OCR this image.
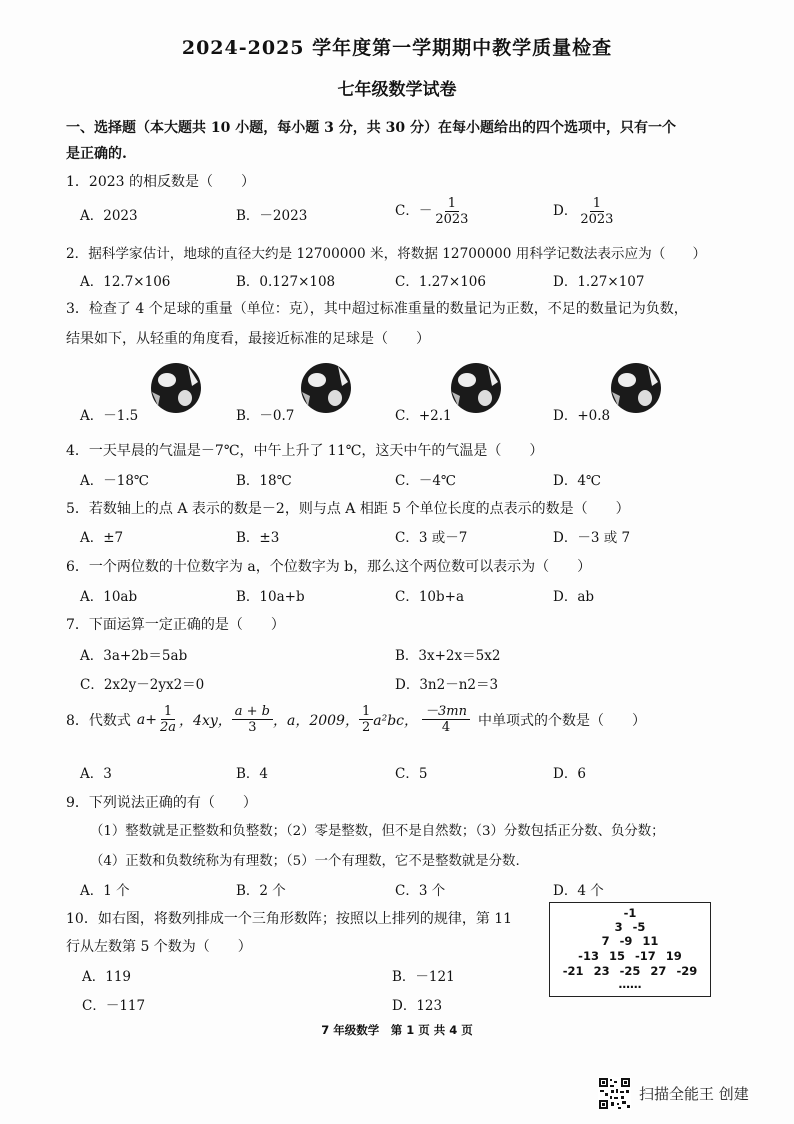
2024-2025 学年度第一学期期中教学质量检查
七年级数学试卷
一、选择题（本大题共 10 小题，每小题 3 分，共 30 分）在每小题给出的四个选项中，只有一个
是正确的.
1．2023 的相反数是（　　）
A．2023	B．－2023	C．－ $\frac{1}{2023}$	D． $\frac{1}{2023}$
2．据科学家估计，地球的直径大约是 12700000 米，将数据 12700000 用科学记数法表示应为（　　）
A．12.7×106	B．0.127×108	C．1.27×106	D．1.27×107
3．检查了 4 个足球的重量（单位：克），其中超过标准重量的数量记为正数，不足的数量记为负数，
结果如下，从轻重的角度看，最接近标准的足球是（　　）
A．－1.5	B．－0.7	C．+2.1	D．+0.8
4．一天早晨的气温是－7℃，中午上升了 11℃，这天中午的气温是（　　）
A．－18℃	B．18℃	C．－4℃	D．4℃
5．若数轴上的点 A 表示的数是－2，则与点 A 相距 5 个单位长度的点表示的数是（　　）
A．±7	B．±3	C．3 或－7	D．－3 或 7
6．一个两位数的十位数字为 a，个位数字为 b，那么这个两位数可以表示为（　　）
A．10ab	B．10a+b	C．10b+a	D．ab
7．下面运算一定正确的是（　　）
A．3a+2b＝5ab	B．3x+2x＝5x2
C．2x2y－2yx2＝0	D．3n2－n2＝3
8．代数式 $a+ \frac{1}{2a}$ ，4xy， $\frac{a + b}{3}$ ，a，2009， $\frac{1}{2} a^2bc$， $\frac{-3mn}{4}$ 中单项式的个数是（　　）
A．3	B．4	C．5	D．6
9．下列说法正确的有（　　）
（1）整数就是正整数和负整数；（2）零是整数，但不是自然数；（3）分数包括正分数、负分数；
（4）正数和负数统称为有理数；（5）一个有理数，它不是整数就是分数.
A．1 个	B．2 个	C．3 个	D．4 个
10．如右图，将数列排成一个三角形数阵；按照以上排列的规律，第 11
行从左数第 5 个数为（　　）
A．119	B．－121
C．－117	D．123
-1
3 -5
7 -9 11
-13 15 -17 19
-21 23 -25 27 -29
……
7 年级数学　第 1 页 共 4 页
扫描全能王 创建
